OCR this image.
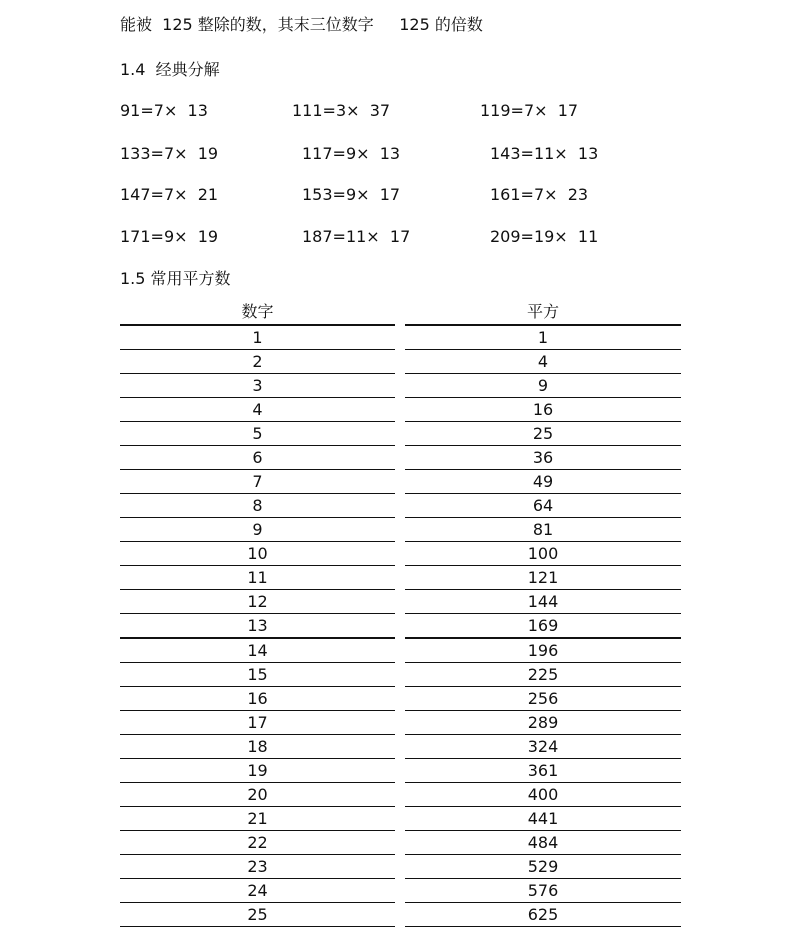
能被  125 整除的数，其末三位数字     125 的倍数
1.4  经典分解
91=7×  13	111=3×  37	119=7×  17
133=7×  19	117=9×  13	143=11×  13
147=7×  21	153=9×  17	161=7×  23
171=9×  19	187=11×  17	209=19×  11
1.5 常用平方数
数字		平方
1		1
2		4
3		9
4		16
5		25
6		36
7		49
8		64
9		81
10		100
11		121
12		144
13		169
14		196
15		225
16		256
17		289
18		324
19		361
20		400
21		441
22		484
23		529
24		576
25		625
